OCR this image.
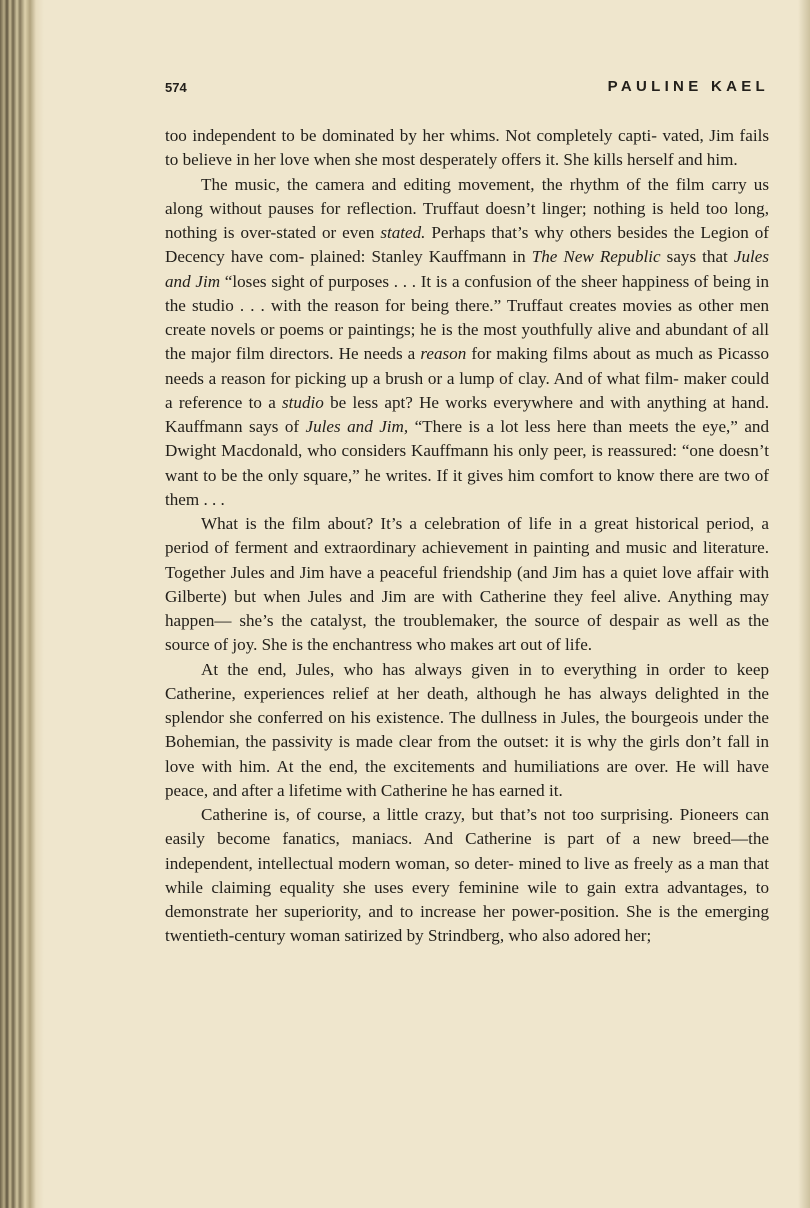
574	PAULINE KAEL

too independent to be dominated by her whims. Not completely capti- vated, Jim fails to believe in her love when she most desperately offers it. She kills herself and him.

The music, the camera and editing movement, the rhythm of the film carry us along without pauses for reflection. Truffaut doesn’t linger; nothing is held too long, nothing is over-stated or even stated. Perhaps that’s why others besides the Legion of Decency have com- plained: Stanley Kauffmann in The New Republic says that Jules and Jim “loses sight of purposes . . . It is a confusion of the sheer happiness of being in the studio . . . with the reason for being there.” Truffaut creates movies as other men create novels or poems or paintings; he is the most youthfully alive and abundant of all the major film directors. He needs a reason for making films about as much as Picasso needs a reason for picking up a brush or a lump of clay. And of what film- maker could a reference to a studio be less apt? He works everywhere and with anything at hand. Kauffmann says of Jules and Jim, “There is a lot less here than meets the eye,” and Dwight Macdonald, who considers Kauffmann his only peer, is reassured: “one doesn’t want to be the only square,” he writes. If it gives him comfort to know there are two of them . . .

What is the film about? It’s a celebration of life in a great historical period, a period of ferment and extraordinary achievement in painting and music and literature. Together Jules and Jim have a peaceful friendship (and Jim has a quiet love affair with Gilberte) but when Jules and Jim are with Catherine they feel alive. Anything may happen— she’s the catalyst, the troublemaker, the source of despair as well as the source of joy. She is the enchantress who makes art out of life.

At the end, Jules, who has always given in to everything in order to keep Catherine, experiences relief at her death, although he has always delighted in the splendor she conferred on his existence. The dullness in Jules, the bourgeois under the Bohemian, the passivity is made clear from the outset: it is why the girls don’t fall in love with him. At the end, the excitements and humiliations are over. He will have peace, and after a lifetime with Catherine he has earned it.

Catherine is, of course, a little crazy, but that’s not too surprising. Pioneers can easily become fanatics, maniacs. And Catherine is part of a new breed—the independent, intellectual modern woman, so deter- mined to live as freely as a man that while claiming equality she uses every feminine wile to gain extra advantages, to demonstrate her superiority, and to increase her power-position. She is the emerging twentieth-century woman satirized by Strindberg, who also adored her;
